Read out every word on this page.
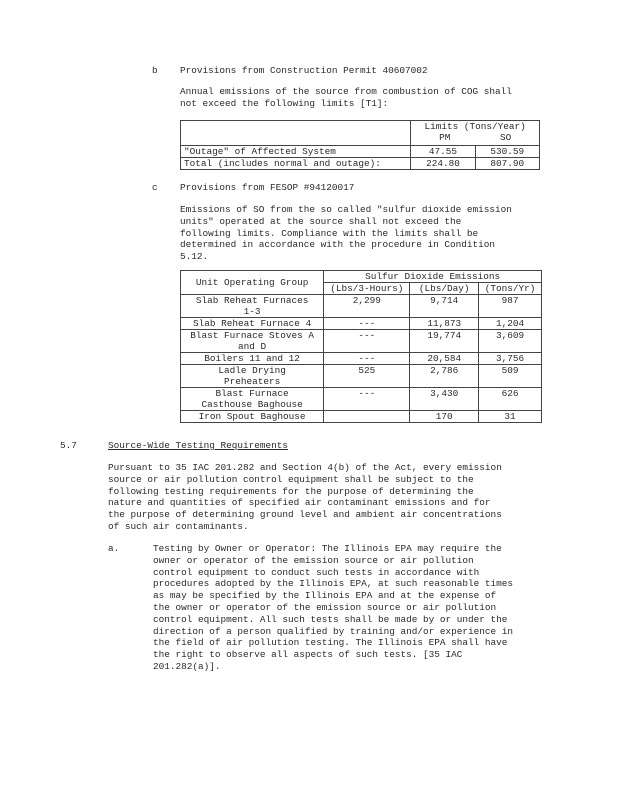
b Provisions from Construction Permit 40607002
Annual emissions of the source from combustion of COG shall
not exceed the following limits [T1]:

	Limits (Tons/Year)
PM SO	

"Outage" of Affected System	47.55	530.59
Total (includes normal and outage):	224.80	807.90
c Provisions from FESOP #94120017
Emissions of SO from the so called "sulfur dioxide emission
units" operated at the source shall not exceed the
following limits. Compliance with the limits shall be
determined in accordance with the procedure in Condition
5.12.
Unit Operating Group	Sulfur Dioxide Emissions		
	(Lbs/3-Hours)	(Lbs/Day)	(Tons/Yr)

Slab Reheat Furnaces
1-3	2,299	9,714	987

Slab Reheat Furnace 4	---	11,873	1,204

Blast Furnace Stoves A
and D	---	19,774	3,609

Boilers 11 and 12	---	20,584	3,756

Ladle Drying
Preheaters	525	2,786	509

Blast Furnace
Casthouse Baghouse	---	3,430	626

Iron Spout Baghouse		170	31
5.7	Source-Wide Testing Requirements
Pursuant to 35 IAC 201.282 and Section 4(b) of the Act, every emission
source or air pollution control equipment shall be subject to the
following testing requirements for the purpose of determining the
nature and quantities of specified air contaminant emissions and for
the purpose of determining ground level and ambient air concentrations
of such air contaminants.
a.	Testing by Owner or Operator: The Illinois EPA may require the
owner or operator of the emission source or air pollution
control equipment to conduct such tests in accordance with
procedures adopted by the Illinois EPA, at such reasonable times
as may be specified by the Illinois EPA and at the expense of
the owner or operator of the emission source or air pollution
control equipment. All such tests shall be made by or under the
direction of a person qualified by training and/or experience in
the field of air pollution testing. The Illinois EPA shall have
the right to observe all aspects of such tests. [35 IAC
201.282(a)].
